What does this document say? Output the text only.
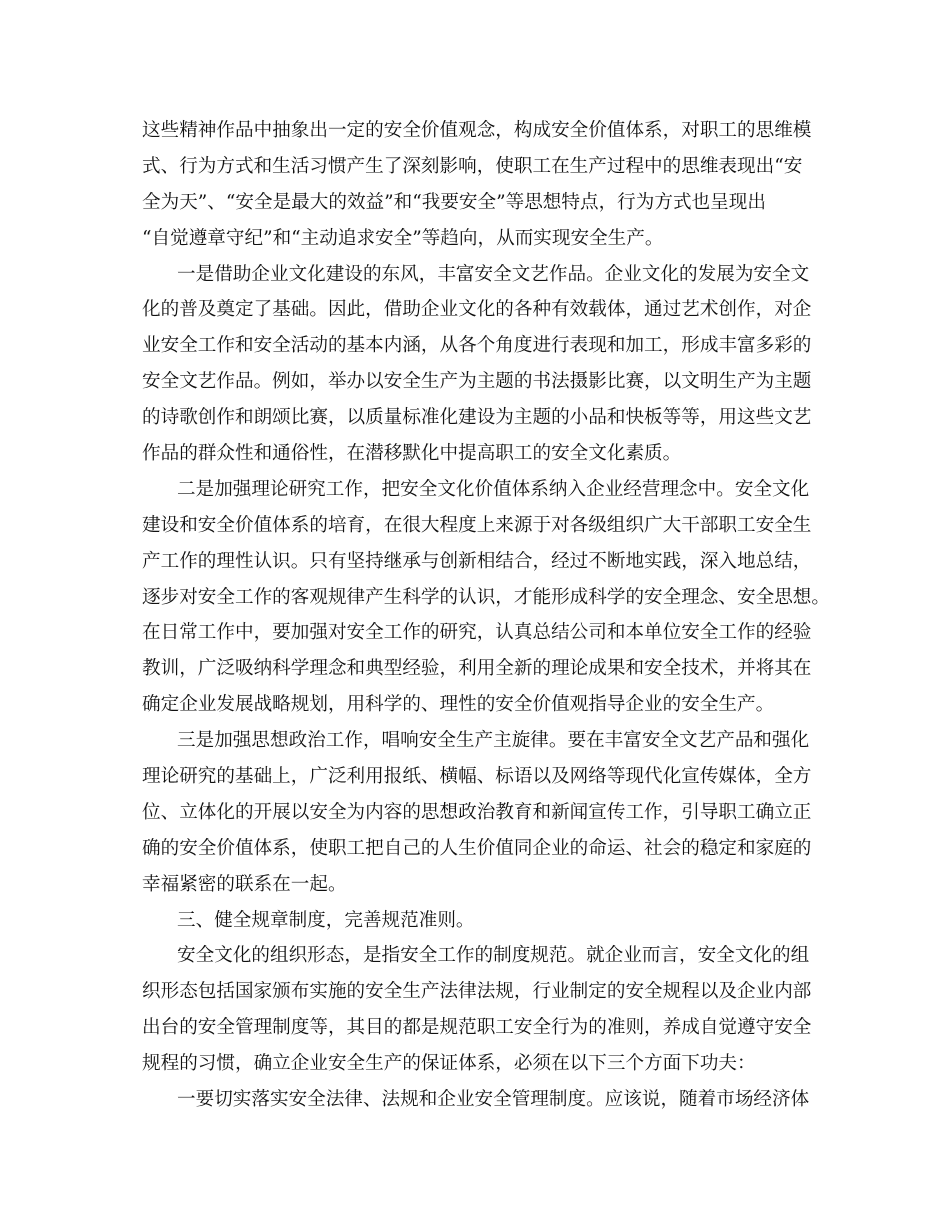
这些精神作品中抽象出一定的安全价值观念，构成安全价值体系，对职工的思维模
式、行为方式和生活习惯产生了深刻影响，使职工在生产过程中的思维表现出“安
全为天”、“安全是最大的效益”和“我要安全”等思想特点，行为方式也呈现出
“自觉遵章守纪”和“主动追求安全”等趋向，从而实现安全生产。
一是借助企业文化建设的东风，丰富安全文艺作品。企业文化的发展为安全文
化的普及奠定了基础。因此，借助企业文化的各种有效载体，通过艺术创作，对企
业安全工作和安全活动的基本内涵，从各个角度进行表现和加工，形成丰富多彩的
安全文艺作品。例如，举办以安全生产为主题的书法摄影比赛，以文明生产为主题
的诗歌创作和朗颂比赛，以质量标准化建设为主题的小品和快板等等，用这些文艺
作品的群众性和通俗性，在潜移默化中提高职工的安全文化素质。
二是加强理论研究工作，把安全文化价值体系纳入企业经营理念中。安全文化
建设和安全价值体系的培育，在很大程度上来源于对各级组织广大干部职工安全生
产工作的理性认识。只有坚持继承与创新相结合，经过不断地实践，深入地总结，
逐步对安全工作的客观规律产生科学的认识，才能形成科学的安全理念、安全思想。
在日常工作中，要加强对安全工作的研究，认真总结公司和本单位安全工作的经验
教训，广泛吸纳科学理念和典型经验，利用全新的理论成果和安全技术，并将其在
确定企业发展战略规划，用科学的、理性的安全价值观指导企业的安全生产。
三是加强思想政治工作，唱响安全生产主旋律。要在丰富安全文艺产品和强化
理论研究的基础上，广泛利用报纸、横幅、标语以及网络等现代化宣传媒体，全方
位、立体化的开展以安全为内容的思想政治教育和新闻宣传工作，引导职工确立正
确的安全价值体系，使职工把自己的人生价值同企业的命运、社会的稳定和家庭的
幸福紧密的联系在一起。
三、健全规章制度，完善规范准则。
安全文化的组织形态，是指安全工作的制度规范。就企业而言，安全文化的组
织形态包括国家颁布实施的安全生产法律法规，行业制定的安全规程以及企业内部
出台的安全管理制度等，其目的都是规范职工安全行为的准则，养成自觉遵守安全
规程的习惯，确立企业安全生产的保证体系，必须在以下三个方面下功夫：
一要切实落实安全法律、法规和企业安全管理制度。应该说，随着市场经济体
